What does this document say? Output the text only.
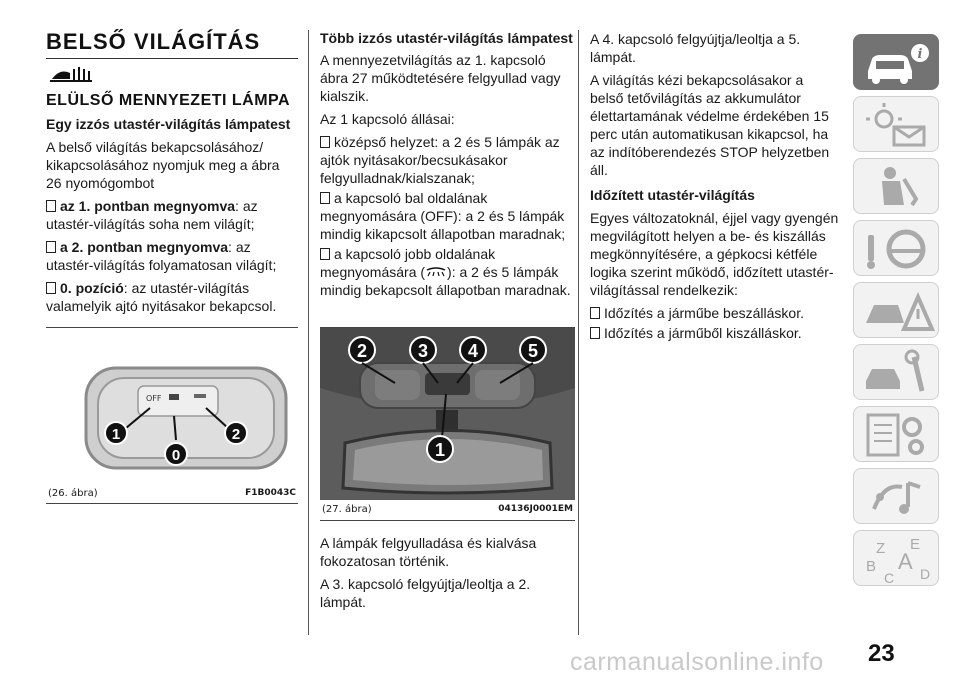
BELSŐ VILÁGÍTÁS
ELÜLSŐ MENNYEZETI LÁMPA
Egy izzós utastér-világítás lámpatest

A belső világítás bekapcsolásához/ kikapcsolásához nyomjuk meg a ábra 26 nyomógombot

az 1. pontban megnyomva: az utastér-világítás soha nem világít;

a 2. pontban megnyomva: az utastér-világítás folyamatosan világít;

0. pozíció: az utastér-világítás valamelyik ajtó nyitásakor bekapcsol.

OFF
1	2
0
(26. ábra)	F1B0043C
Több izzós utastér-világítás lámpatest

A mennyezetvilágítás az 1. kapcsoló ábra 27 működtetésére felgyullad vagy kialszik.

Az 1 kapcsoló állásai:

középső helyzet: a 2 és 5 lámpák az ajtók nyitásakor/becsukásakor felgyulladnak/kialszanak;

a kapcsoló bal oldalának megnyomására (OFF): a 2 és 5 lámpák mindig kikapcsolt állapotban maradnak;

a kapcsoló jobb oldalának megnyomására ( ): a 2 és 5 lámpák mindig bekapcsolt állapotban maradnak.

2	3 4	5
1
(27. ábra)	04136J0001EM

A lámpák felgyulladása és kialvása fokozatosan történik.

A 3. kapcsoló felgyújtja/leoltja a 2. lámpát.

A 4. kapcsoló felgyújtja/leoltja a 5. lámpát.

A világítás kézi bekapcsolásakor a belső tetővilágítás az akkumulátor élettartamának védelme érdekében 15 perc után automatikusan kikapcsol, ha az indítóberendezés STOP helyzetben áll.

Időzített utastér-világítás

Egyes változatoknál, éjjel vagy gyengén megvilágított helyen a be- és kiszállás megkönnyítésére, a gépkocsi kétféle logika szerint működő, időzített utastér-világítással rendelkezik:

Időzítés a járműbe beszálláskor.

Időzítés a járműből kiszálláskor.

i
Z E
B A
C D
23
carmanualsonline.info
